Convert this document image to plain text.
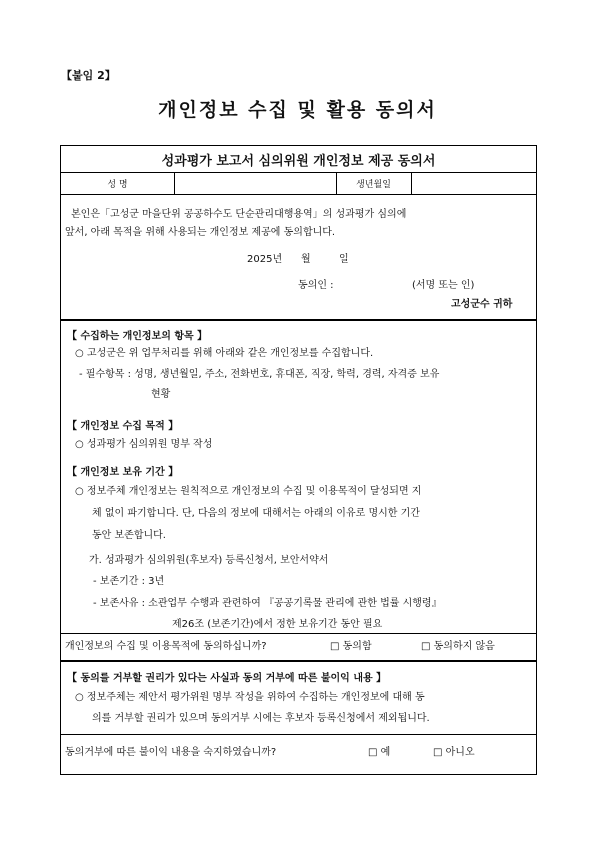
【붙임 2】
개인정보 수집 및 활용 동의서
성과평가 보고서 심의위원 개인정보 제공 동의서
성 명	생년월일
본인은「고성군 마을단위 공공하수도 단순관리대행용역」의 성과평가 심의에
앞서, 아래 목적을 위해 사용되는 개인정보 제공에 동의합니다.
2025년 월	일
동의인 :	(서명 또는 인)
고성군수 귀하
【 수집하는 개인정보의 항목 】
○ 고성군은 위 업무처리를 위해 아래와 같은 개인정보를 수집합니다.
- 필수항목 : 성명, 생년월일, 주소, 전화번호, 휴대폰, 직장, 학력, 경력, 자격증 보유
현황
【 개인정보 수집 목적 】
○ 성과평가 심의위원 명부 작성
【 개인정보 보유 기간 】
○ 정보주체 개인정보는 원칙적으로 개인정보의 수집 및 이용목적이 달성되면 지
체 없이 파기합니다. 단, 다음의 정보에 대해서는 아래의 이유로 명시한 기간
동안 보존합니다.
가. 성과평가 심의위원(후보자) 등록신청서, 보안서약서
- 보존기간 : 3년
- 보존사유 : 소관업무 수행과 관련하여 『공공기록물 관리에 관한 법률 시행령』
제26조 (보존기간)에서 정한 보유기간 동안 필요
개인정보의 수집 및 이용목적에 동의하십니까?	□ 동의함	□ 동의하지 않음
【 동의를 거부할 권리가 있다는 사실과 동의 거부에 따른 불이익 내용 】
○ 정보주체는 제안서 평가위원 명부 작성을 위하여 수집하는 개인정보에 대해 동
의를 거부할 권리가 있으며 동의거부 시에는 후보자 등록신청에서 제외됩니다.
동의거부에 따른 불이익 내용을 숙지하였습니까?	□ 예	□ 아니오
